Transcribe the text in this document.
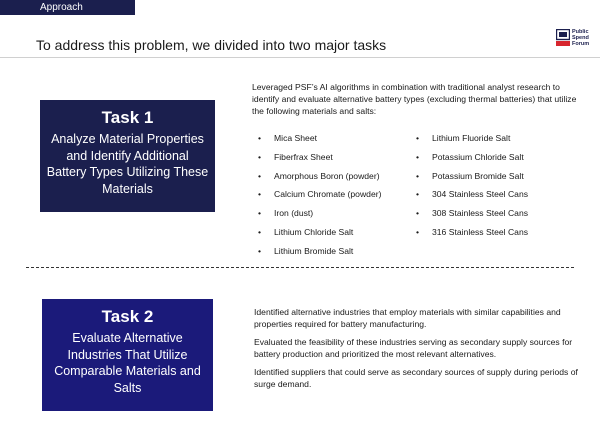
Approach
To address this problem, we divided into two major tasks
Public
Spend
Forum
Task 1
Analyze Material Properties and Identify Additional Battery Types Utilizing These Materials
Leveraged PSF’s AI algorithms in combination with traditional analyst research to identify and evaluate alternative battery types (excluding thermal batteries) that utilize the following materials and salts:
• Mica Sheet
• Fiberfrax Sheet
• Amorphous Boron (powder)
• Calcium Chromate (powder)
• Iron (dust)
• Lithium Chloride Salt
• Lithium Bromide Salt
• Lithium Fluoride Salt
• Potassium Chloride Salt
• Potassium Bromide Salt
• 304 Stainless Steel Cans
• 308 Stainless Steel Cans
• 316 Stainless Steel Cans
Task 2
Evaluate Alternative Industries That Utilize Comparable Materials and Salts

Identified alternative industries that employ materials with similar capabilities and properties required for battery manufacturing.

Evaluated the feasibility of these industries serving as secondary supply sources for battery production and prioritized the most relevant alternatives.

Identified suppliers that could serve as secondary sources of supply during periods of surge demand.
